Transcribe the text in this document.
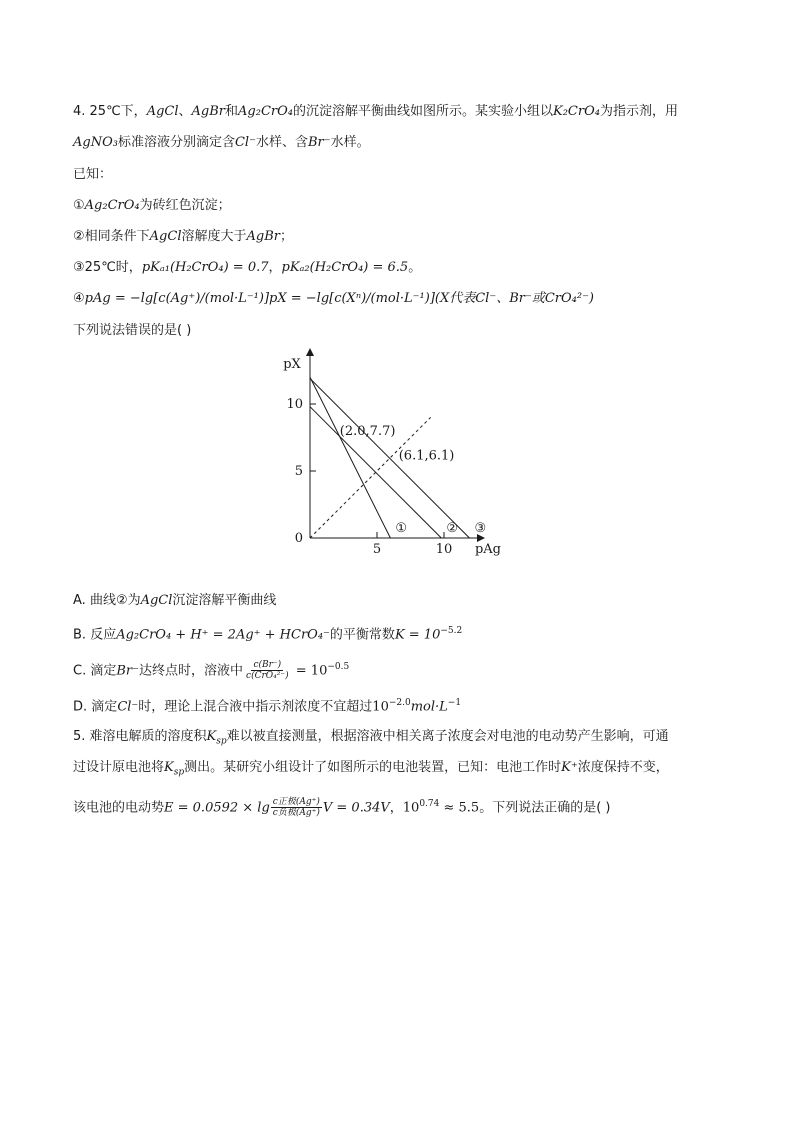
4. 25℃下，AgCl、AgBr和Ag₂CrO₄的沉淀溶解平衡曲线如图所示。某实验小组以K₂CrO₄为指示剂，用
AgNO₃标准溶液分别滴定含Cl⁻水样、含Br⁻水样。
已知：
①Ag₂CrO₄为砖红色沉淀；
②相同条件下AgCl溶解度大于AgBr；
③25℃时，pKₐ₁(H₂CrO₄) = 0.7，pKₐ₂(H₂CrO₄) = 6.5。
④pAg = −lg[c(Ag⁺)/(mol·L⁻¹)]pX = −lg[c(Xⁿ)/(mol·L⁻¹)](X代表Cl⁻、Br⁻或CrO₄²⁻)
下列说法错误的是( )
5	10
0
5
10
pAg
pX
①	② ③
(2.0,7.7)
(6.1,6.1)
A. 曲线②为AgCl沉淀溶解平衡曲线
B. 反应Ag₂CrO₄ + H⁺ = 2Ag⁺ + HCrO₄⁻的平衡常数$K = 10^{-5.2}$
C. 滴定Br⁻达终点时，溶液中 $\frac{c(Br^-)}{\text{c(CrO₄²⁻)}} = 10^{-0.5}$
D. 滴定Cl⁻时，理论上混合液中指示剂浓度不宜超过$10^{-2.0}mol\cdot L^{-1}$
5. 难溶电解质的溶度积$K_{sp}$难以被直接测量，根据溶液中相关离子浓度会对电池的电动势产生影响，可通
过设计原电池将$K_{sp}$测出。某研究小组设计了如图所示的电池装置，已知：电池工作时K⁺浓度保持不变，
该电池的电动势$E = 0.0592 \times \lg \frac{\text{c正极(Ag⁺)}}{\text{c负极(Ag⁺)}}$ V = 0.34V，$10^{0.74} \approx 5.5$。下列说法正确的是( )
